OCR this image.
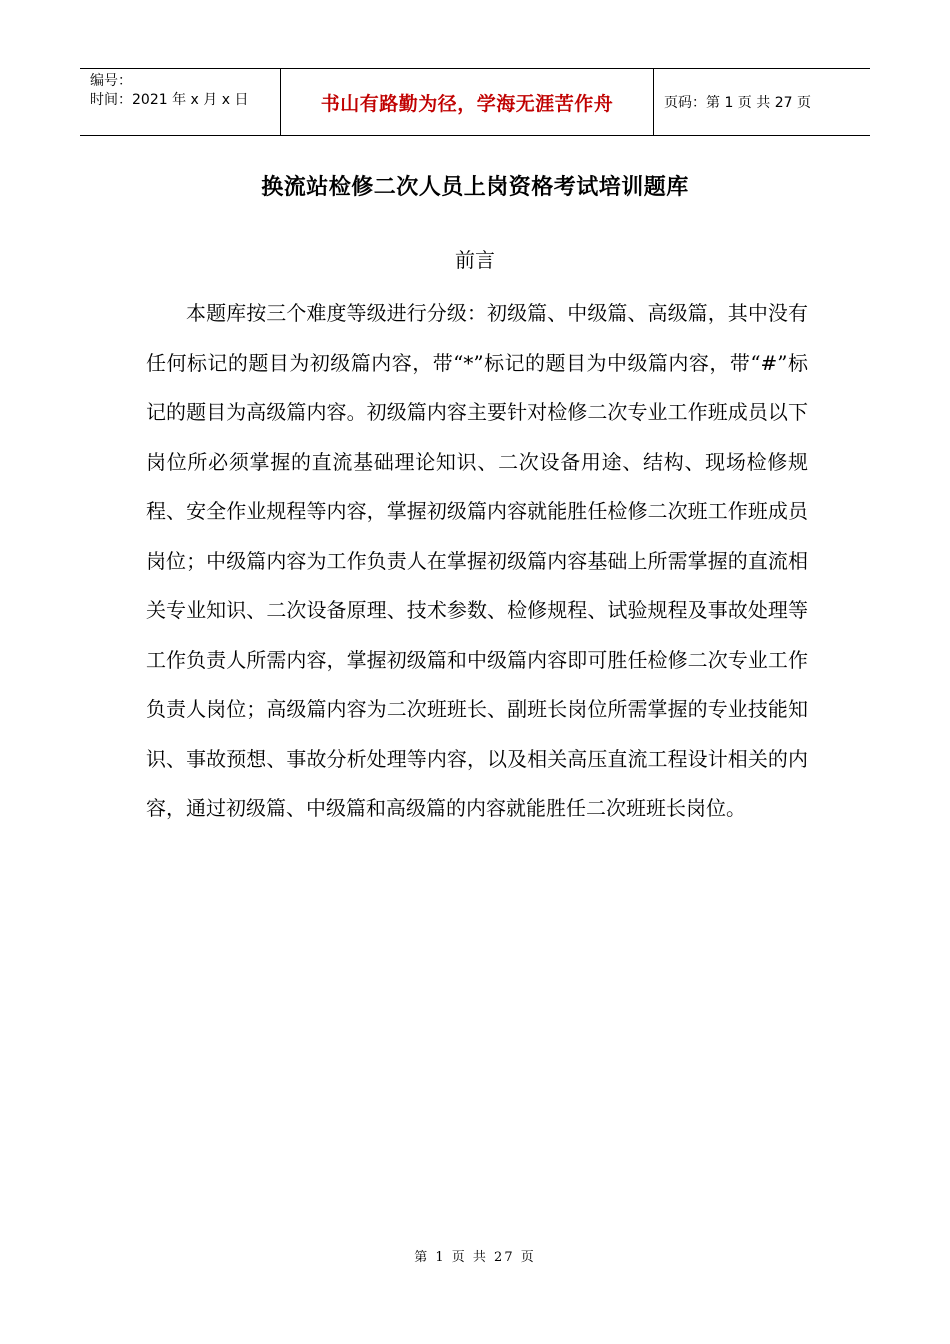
编号：
时间：2021 年 x 月 x 日	书山有路勤为径，学海无涯苦作舟	页码：第 1 页 共 27 页
换流站检修二次人员上岗资格考试培训题库
前言

本题库按三个难度等级进行分级：初级篇、中级篇、高级篇，其中没有任何标记的题目为初级篇内容，带“*”标记的题目为中级篇内容，带“#”标记的题目为高级篇内容。初级篇内容主要针对检修二次专业工作班成员以下岗位所必须掌握的直流基础理论知识、二次设备用途、结构、现场检修规程、安全作业规程等内容，掌握初级篇内容就能胜任检修二次班工作班成员岗位；中级篇内容为工作负责人在掌握初级篇内容基础上所需掌握的直流相关专业知识、二次设备原理、技术参数、检修规程、试验规程及事故处理等工作负责人所需内容，掌握初级篇和中级篇内容即可胜任检修二次专业工作负责人岗位；高级篇内容为二次班班长、副班长岗位所需掌握的专业技能知识、事故预想、事故分析处理等内容，以及相关高压直流工程设计相关的内容，通过初级篇、中级篇和高级篇的内容就能胜任二次班班长岗位。

第 1 页 共 27 页
